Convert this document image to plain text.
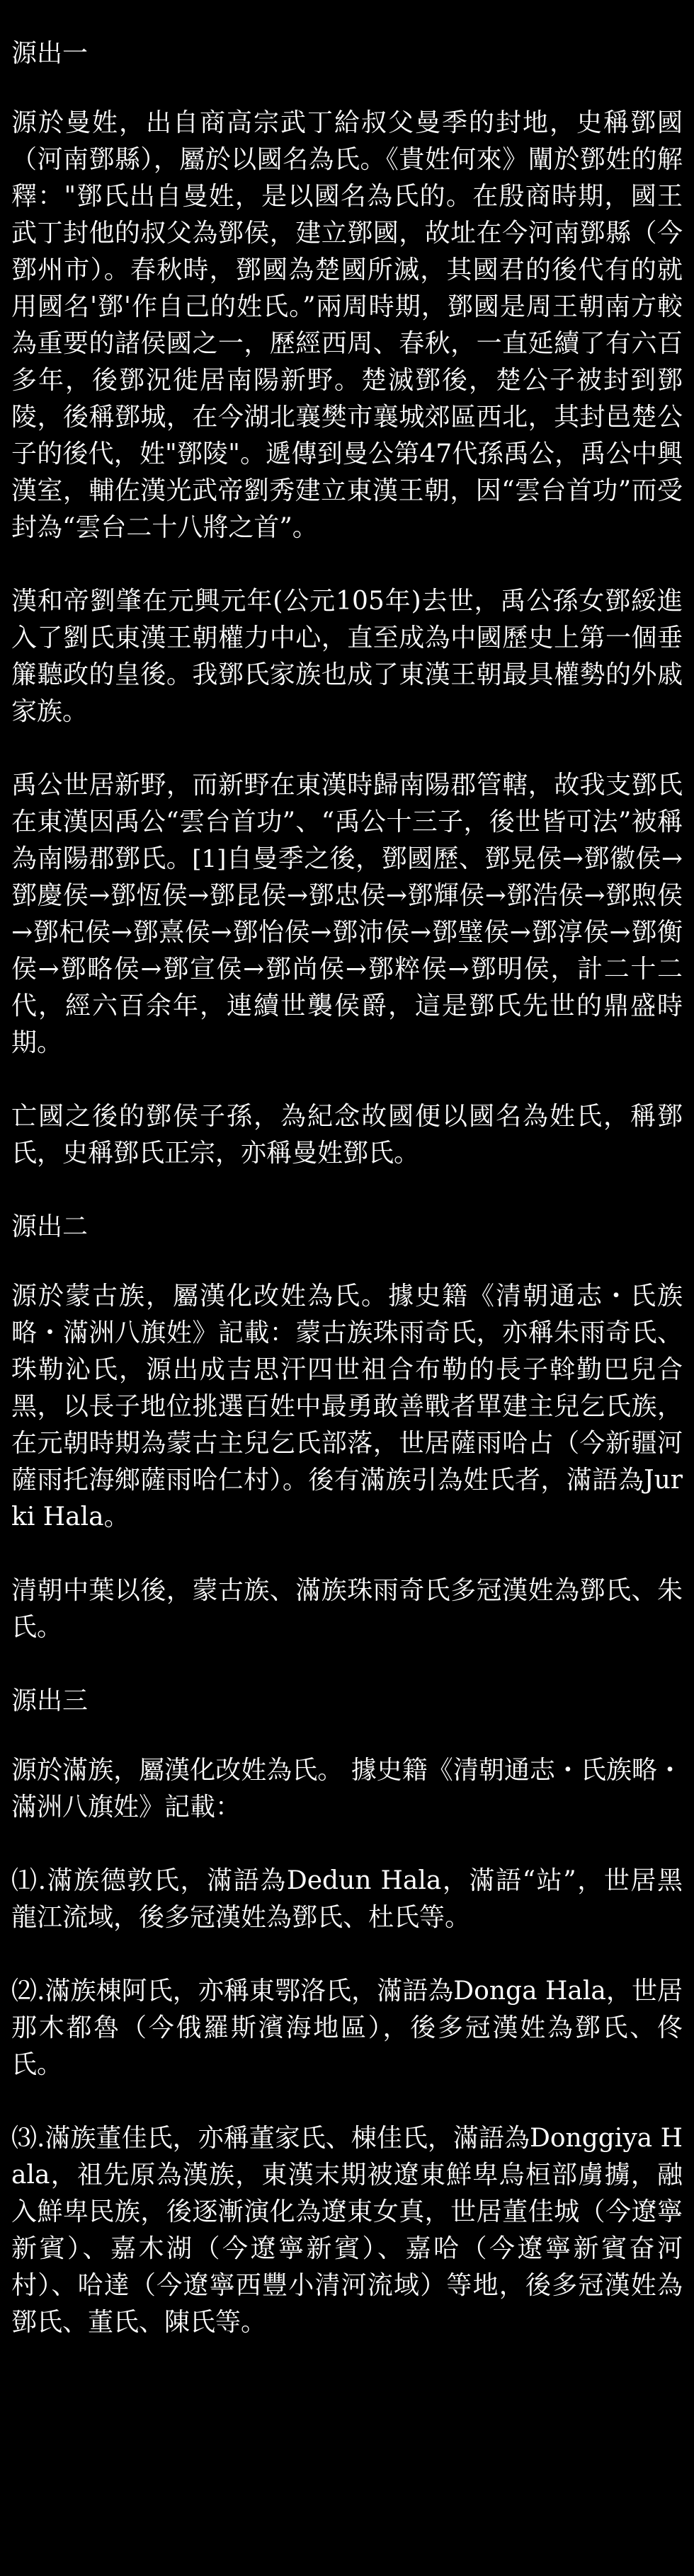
源出一

源於曼姓，出自商高宗武丁給叔父曼季的封地，史稱鄧國（河南鄧縣），屬於以國名為氏。《貴姓何來》闡於鄧姓的解釋："鄧氏出自曼姓，是以國名為氏的。在殷商時期，國王武丁封他的叔父為鄧侯，建立鄧國，故址在今河南鄧縣（今鄧州市）。春秋時，鄧國為楚國所滅，其國君的後代有的就用國名'鄧'作自己的姓氏。”兩周時期，鄧國是周王朝南方較為重要的諸侯國之一，歷經西周、春秋，一直延續了有六百多年，後鄧況徙居南陽新野。楚滅鄧後，楚公子被封到鄧陵，後稱鄧城，在今湖北襄樊市襄城郊區西北，其封邑楚公子的後代，姓"鄧陵"。遞傳到曼公第47代孫禹公，禹公中興漢室，輔佐漢光武帝劉秀建立東漢王朝，因“雲台首功”而受封為“雲台二十八將之首”。

漢和帝劉肇在元興元年(公元105年)去世，禹公孫女鄧綏進入了劉氏東漢王朝權力中心，直至成為中國歷史上第一個垂簾聽政的皇後。我鄧氏家族也成了東漢王朝最具權勢的外戚家族。

禹公世居新野，而新野在東漢時歸南陽郡管轄，故我支鄧氏在東漢因禹公“雲台首功”、“禹公十三子，後世皆可法”被稱為南陽郡鄧氏。[1]自曼季之後，鄧國歷、鄧晃侯→鄧徽侯→鄧慶侯→鄧恆侯→鄧昆侯→鄧忠侯→鄧輝侯→鄧浩侯→鄧煦侯→鄧杞侯→鄧熹侯→鄧怡侯→鄧沛侯→鄧璧侯→鄧淳侯→鄧衡侯→鄧略侯→鄧宣侯→鄧尚侯→鄧粹侯→鄧明侯，計二十二代，經六百余年，連續世襲侯爵，這是鄧氏先世的鼎盛時期。

亡國之後的鄧侯子孫，為紀念故國便以國名為姓氏，稱鄧氏，史稱鄧氏正宗，亦稱曼姓鄧氏。

源出二

源於蒙古族，屬漢化改姓為氏。據史籍《清朝通志・氏族略・滿洲八旗姓》記載：蒙古族珠雨奇氏，亦稱朱雨奇氏、珠勒沁氏，源出成吉思汗四世祖合布勒的長子斡勤巴兒合黑，以長子地位挑選百姓中最勇敢善戰者單建主兒乞氏族，在元朝時期為蒙古主兒乞氏部落，世居薩雨哈占（今新疆河薩雨托海鄉薩雨哈仁村）。後有滿族引為姓氏者，滿語為Jurki Hala。

清朝中葉以後，蒙古族、滿族珠雨奇氏多冠漢姓為鄧氏、朱氏。

源出三

源於滿族，屬漢化改姓為氏。 據史籍《清朝通志・氏族略・滿洲八旗姓》記載：

⑴.滿族德敦氏，滿語為Dedun Hala，滿語“站”，世居黑龍江流域，後多冠漢姓為鄧氏、杜氏等。

⑵.滿族棟阿氏，亦稱東鄂洛氏，滿語為Donga Hala，世居那木都魯（今俄羅斯濱海地區），後多冠漢姓為鄧氏、佟氏。

⑶.滿族董佳氏，亦稱董家氏、棟佳氏，滿語為Donggiya Hala，祖先原為漢族，東漢末期被遼東鮮卑烏桓部虜擄，融入鮮卑民族，後逐漸演化為遼東女真，世居董佳城（今遼寧新賓）、嘉木湖（今遼寧新賓）、嘉哈（今遼寧新賓奋河村）、哈達（今遼寧西豐小清河流域）等地，後多冠漢姓為鄧氏、董氏、陳氏等。
